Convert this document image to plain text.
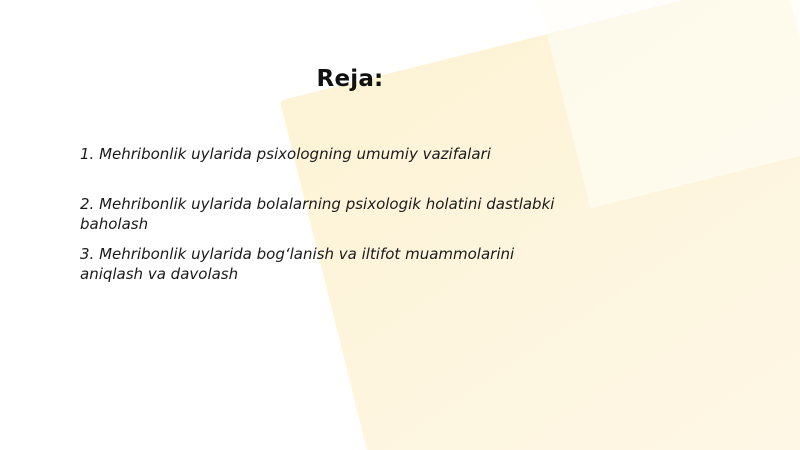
Reja:
1. Mehribonlik uylarida psixologning umumiy vazifalari
2. Mehribonlik uylarida bolalarning psixologik holatini dastlabki baholash
3. Mehribonlik uylarida bog‘lanish va iltifot muammolarini aniqlash va davolash
